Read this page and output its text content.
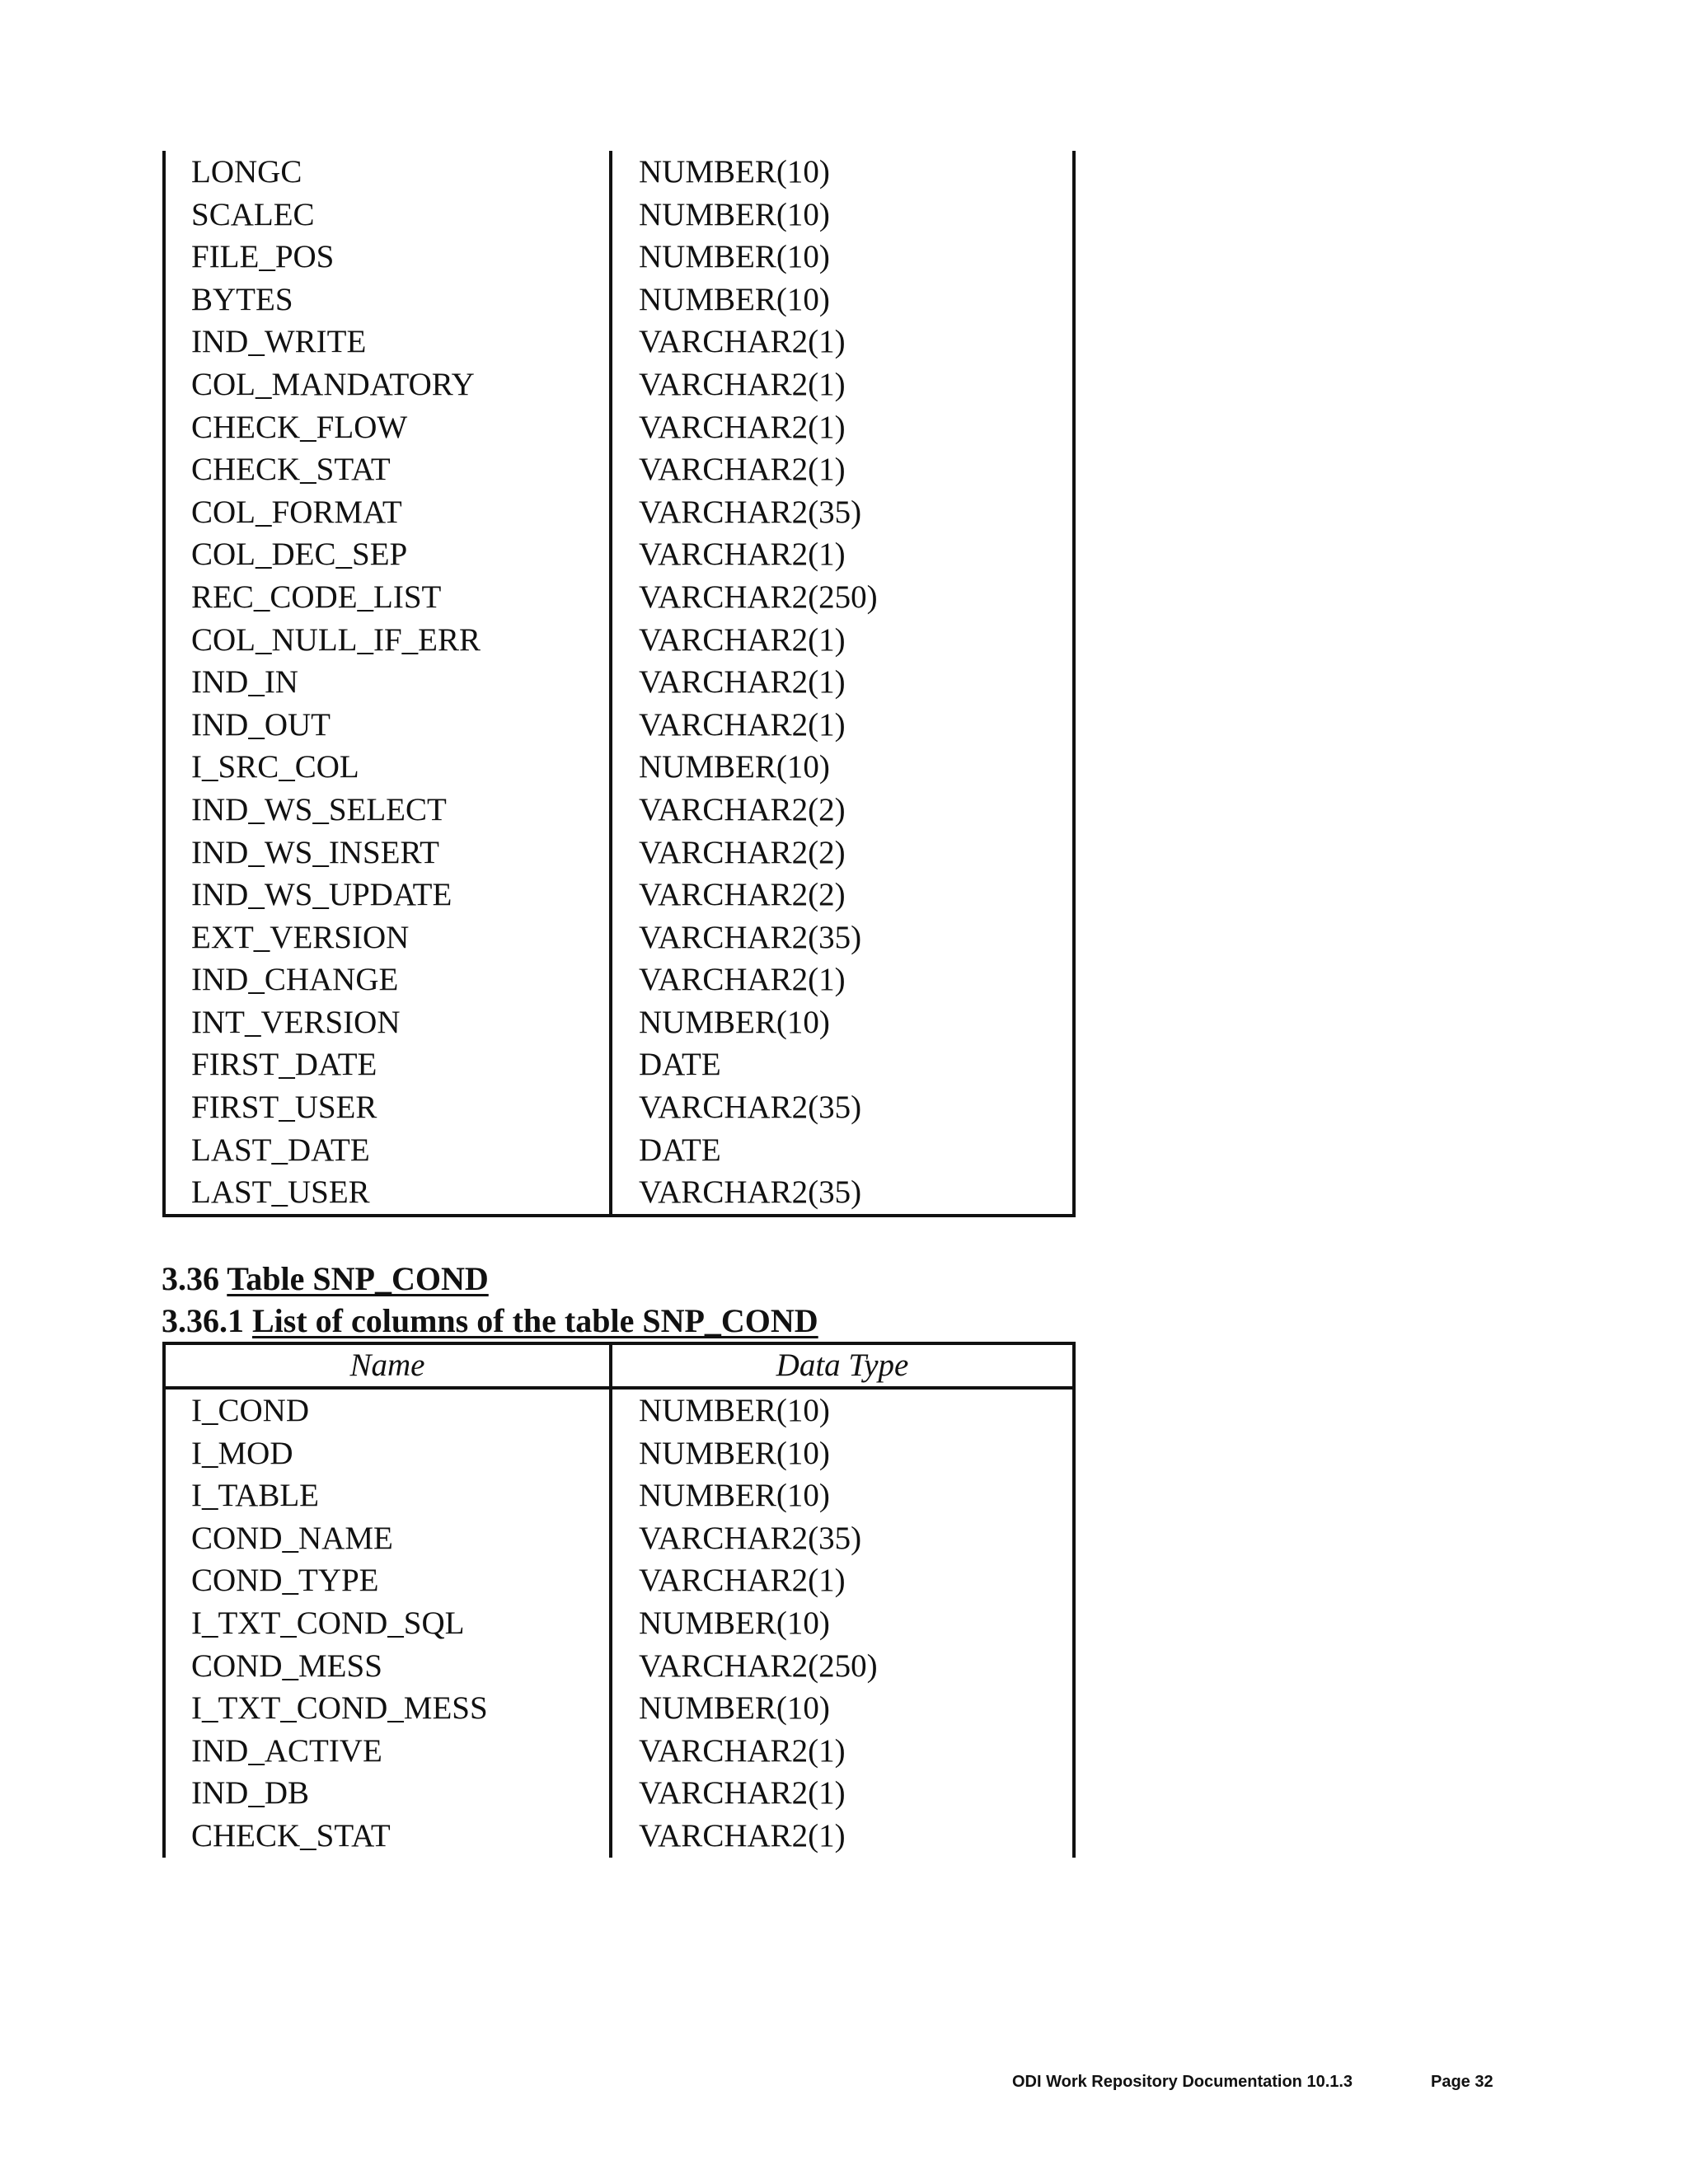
LONGC	NUMBER(10)
SCALEC	NUMBER(10)
FILE_POS	NUMBER(10)
BYTES	NUMBER(10)
IND_WRITE	VARCHAR2(1)
COL_MANDATORY	VARCHAR2(1)
CHECK_FLOW	VARCHAR2(1)
CHECK_STAT	VARCHAR2(1)
COL_FORMAT	VARCHAR2(35)
COL_DEC_SEP	VARCHAR2(1)
REC_CODE_LIST	VARCHAR2(250)
COL_NULL_IF_ERR	VARCHAR2(1)
IND_IN	VARCHAR2(1)
IND_OUT	VARCHAR2(1)
I_SRC_COL	NUMBER(10)
IND_WS_SELECT	VARCHAR2(2)
IND_WS_INSERT	VARCHAR2(2)
IND_WS_UPDATE	VARCHAR2(2)
EXT_VERSION	VARCHAR2(35)
IND_CHANGE	VARCHAR2(1)
INT_VERSION	NUMBER(10)
FIRST_DATE	DATE
FIRST_USER	VARCHAR2(35)
LAST_DATE	DATE
LAST_USER	VARCHAR2(35)
3.36 Table SNP_COND
3.36.1 List of columns of the table SNP_COND
Name	Data Type
I_COND	NUMBER(10)
I_MOD	NUMBER(10)
I_TABLE	NUMBER(10)
COND_NAME	VARCHAR2(35)
COND_TYPE	VARCHAR2(1)
I_TXT_COND_SQL	NUMBER(10)
COND_MESS	VARCHAR2(250)
I_TXT_COND_MESS	NUMBER(10)
IND_ACTIVE	VARCHAR2(1)
IND_DB	VARCHAR2(1)
CHECK_STAT	VARCHAR2(1)
ODI Work Repository Documentation 10.1.3	Page 32
